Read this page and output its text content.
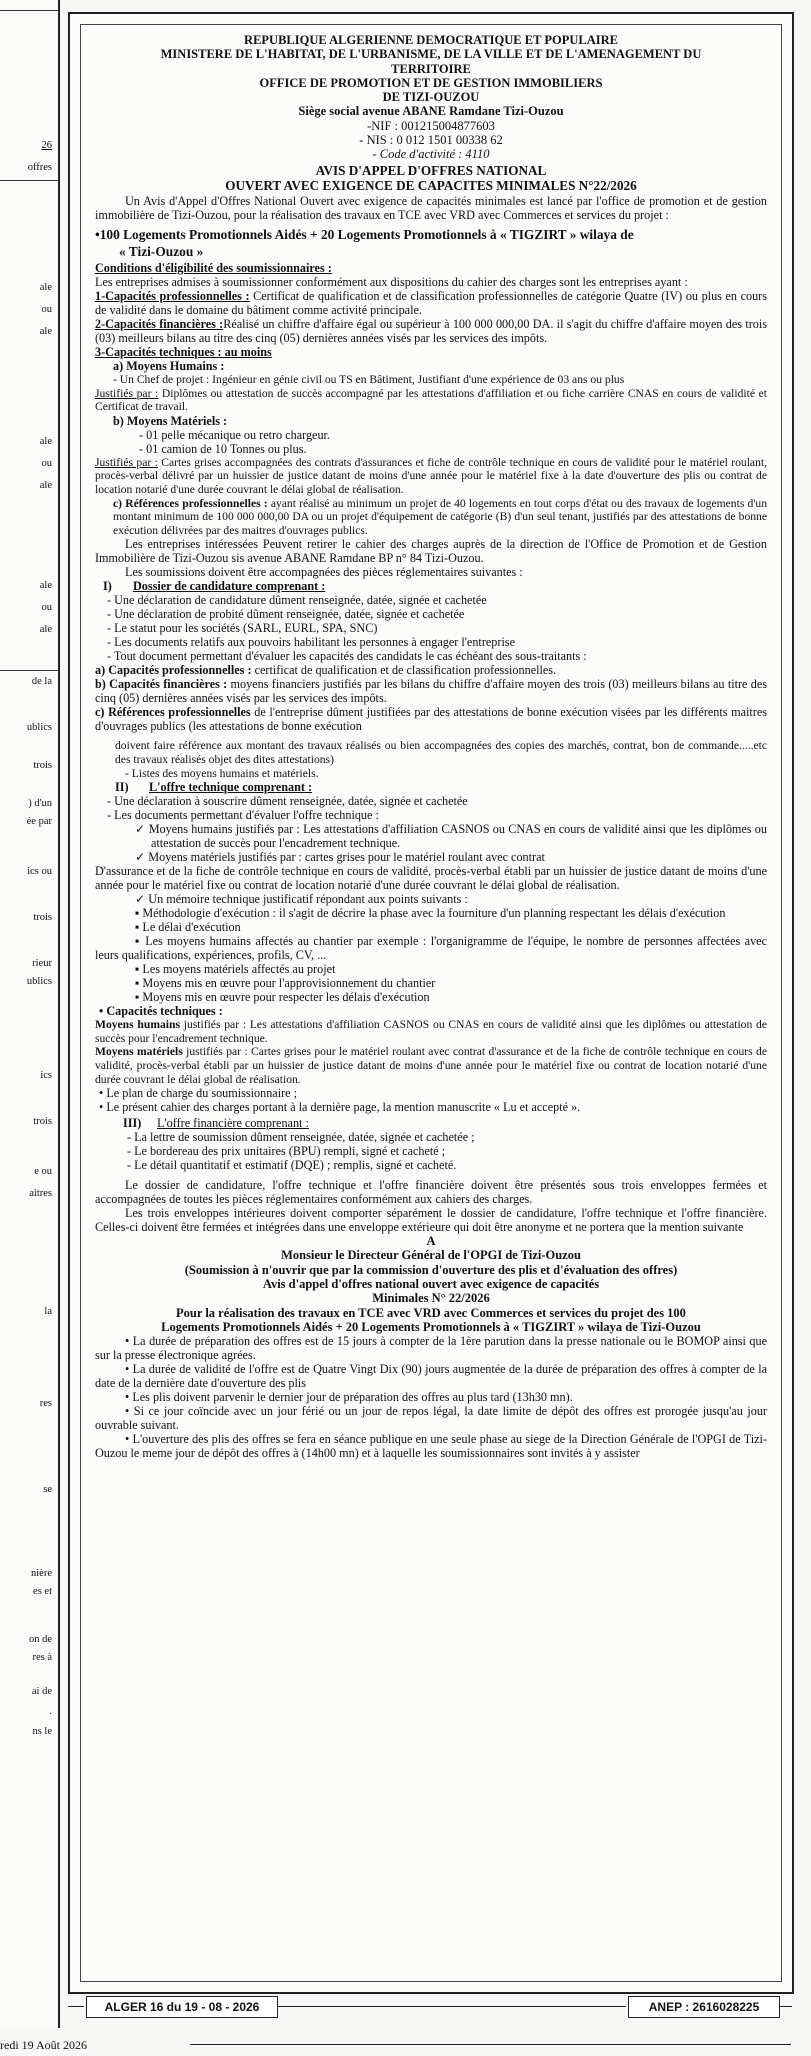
26
offres
ale
ou
ale
ale
ou
ale
ale
ou
ale
de la
ublics
trois
) d'un
ée par
ics ou
trois
rieur
ublics
ics
trois
e ou
aitres
la
res
se
nière
es et
on de
res à
ai de
.
ns le
REPUBLIQUE ALGERIENNE DEMOCRATIQUE ET POPULAIRE
MINISTERE DE L'HABITAT, DE L'URBANISME, DE LA VILLE ET DE L'AMENAGEMENT DU
TERRITOIRE
OFFICE DE PROMOTION ET DE GESTION IMMOBILIERS
DE TIZI-OUZOU
Siège social avenue ABANE Ramdane Tizi-Ouzou
-NIF : 001215004877603
- NIS : 0 012 1501 00338 62
- Code d'activité : 4110
AVIS D'APPEL D'OFFRES NATIONAL
OUVERT AVEC EXIGENCE DE CAPACITES MINIMALES N°22/2026

Un Avis d'Appel d'Offres National Ouvert avec exigence de capacités minimales est lancé par l'office de promotion et de gestion immobilière de Tizi-Ouzou, pour la réalisation des travaux en TCE avec VRD avec Commerces et services du projet :

•100 Logements Promotionnels Aidés + 20 Logements Promotionnels à « TIGZIRT » wilaya de
« Tizi-Ouzou »
Conditions d'éligibilité des soumissionnaires :

Les entreprises admises à soumissionner conformément aux dispositions du cahier des charges sont les entreprises ayant :

1-Capacités professionnelles : Certificat de qualification et de classification professionnelles de catégorie Quatre (IV) ou plus en cours de validité dans le domaine du bâtiment comme activité principale.

2-Capacités financières :Réalisé un chiffre d'affaire égal ou supérieur à 100 000 000,00 DA. il s'agit du chiffre d'affaire moyen des trois (03) meilleurs bilans au titre des cinq (05) dernières années visés par les services des impôts.

3-Capacités techniques : au moins
a) Moyens Humains :

- Un Chef de projet : Ingénieur en génie civil ou TS en Bâtiment, Justifiant d'une expérience de 03 ans ou plus

Justifiés par : Diplômes ou attestation de succès accompagné par les attestations d'affiliation et ou fiche carrière CNAS en cours de validité et Certificat de travail.

b) Moyens Matériels :
- 01 pelle mécanique ou retro chargeur.
- 01 camion de 10 Tonnes ou plus.

Justifiés par : Cartes grises accompagnées des contrats d'assurances et fiche de contrôle technique en cours de validité pour le matériel roulant, procès-verbal délivré par un huissier de justice datant de moins d'une année pour le matériel fixe à la date d'ouverture des plis ou contrat de location notarié d'une durée couvrant le délai global de réalisation.

c) Références professionnelles : ayant réalisé au minimum un projet de 40 logements en tout corps d'état ou des travaux de logements d'un montant minimum de 100 000 000,00 DA ou un projet d'équipement de catégorie (B) d'un seul tenant, justifiés par des attestations de bonne exécution délivrées par des maitres d'ouvrages publics.

Les entreprises intéressées Peuvent retirer le cahier des charges auprès de la direction de l'Office de Promotion et de Gestion Immobilière de Tizi-Ouzou sis avenue ABANE Ramdane BP n° 84 Tizi-Ouzou.

Les soumissions doivent être accompagnées des pièces réglementaires suivantes :

I) Dossier de candidature comprenant :
- Une déclaration de candidature dûment renseignée, datée, signée et cachetée
- Une déclaration de probité dûment renseignée, datée, signée et cachetée
- Le statut pour les sociétés (SARL, EURL, SPA, SNC)
- Les documents relatifs aux pouvoirs habilitant les personnes à engager l'entreprise
- Tout document permettant d'évaluer les capacités des candidats le cas échéant des sous-traitants :

a) Capacités professionnelles : certificat de qualification et de classification professionnelles.

b) Capacités financières : moyens financiers justifiés par les bilans du chiffre d'affaire moyen des trois (03) meilleurs bilans au titre des cinq (05) dernières années visés par les services des impôts.

c) Références professionnelles de l'entreprise dûment justifiées par des attestations de bonne exécution visées par les différents maitres d'ouvrages publics (les attestations de bonne exécution

doivent faire référence aux montant des travaux réalisés ou bien accompagnées des copies des marchés, contrat, bon de commande.....etc des travaux réalisés objet des dites attestations)

- Listes des moyens humains et matériels.
II) L'offre technique comprenant :
- Une déclaration à souscrire dûment renseignée, datée, signée et cachetée
- Les documents permettant d'évaluer l'offre technique :
✓ Moyens humains justifiés par : Les attestations d'affiliation CASNOS ou CNAS en cours de validité ainsi que les diplômes ou attestation de succès pour l'encadrement technique.
✓ Moyens matériels justifiés par : cartes grises pour le matériel roulant avec contrat

D'assurance et de la fiche de contrôle technique en cours de validité, procès-verbal établi par un huissier de justice datant de moins d'une année pour le matériel fixe ou contrat de location notarié d'une durée couvrant le délai global de réalisation.

✓ Un mémoire technique justificatif répondant aux points suivants :

▪ Méthodologie d'exécution : il s'agit de décrire la phase avec la fourniture d'un planning respectant les délais d'exécution

▪ Le délai d'exécution

▪ Les moyens humains affectés au chantier par exemple : l'organigramme de l'équipe, le nombre de personnes affectées avec leurs qualifications, expériences, profils, CV, ...

▪ Les moyens matériels affectés au projet
▪ Moyens mis en œuvre pour l'approvisionnement du chantier
▪ Moyens mis en œuvre pour respecter les délais d'exécution
• Capacités techniques :

Moyens humains justifiés par : Les attestations d'affiliation CASNOS ou CNAS en cours de validité ainsi que les diplômes ou attestation de succès pour l'encadrement technique.

Moyens matériels justifiés par : Cartes grises pour le matériel roulant avec contrat d'assurance et de la fiche de contrôle technique en cours de validité, procès-verbal établi par un huissier de justice datant de moins d'une année pour le matériel fixe ou contrat de location notarié d'une durée couvrant le délai global de réalisation.

• Le plan de charge du soumissionnaire ;
• Le présent cahier des charges portant à la dernière page, la mention manuscrite « Lu et accepté ».
III) L'offre financière comprenant :
- La lettre de soumission dûment renseignée, datée, signée et cachetée ;
- Le bordereau des prix unitaires (BPU) rempli, signé et cacheté ;
- Le détail quantitatif et estimatif (DQE) ; remplis, signé et cacheté.

Le dossier de candidature, l'offre technique et l'offre financière doivent être présentés sous trois enveloppes fermées et accompagnées de toutes les pièces réglementaires conformément aux cahiers des charges.

Les trois enveloppes intérieures doivent comporter séparément le dossier de candidature, l'offre technique et l'offre financière. Celles-ci doivent être fermées et intégrées dans une enveloppe extérieure qui doit être anonyme et ne portera que la mention suivante

A
Monsieur le Directeur Général de l'OPGI de Tizi-Ouzou
(Soumission à n'ouvrir que par la commission d'ouverture des plis et d'évaluation des offres)
Avis d'appel d'offres national ouvert avec exigence de capacités
Minimales N° 22/2026
Pour la réalisation des travaux en TCE avec VRD avec Commerces et services du projet des 100
Logements Promotionnels Aidés + 20 Logements Promotionnels à « TIGZIRT » wilaya de Tizi-Ouzou

• La durée de préparation des offres est de 15 jours à compter de la 1ère parution dans la presse nationale ou le BOMOP ainsi que sur la presse électronique agrées.

• La durée de validité de l'offre est de Quatre Vingt Dix (90) jours augmentée de la durée de préparation des offres à compter de la date de la dernière date d'ouverture des plis

• Les plis doivent parvenir le dernier jour de préparation des offres au plus tard (13h30 mn).

• Si ce jour coïncide avec un jour férié ou un jour de repos légal, la date limite de dépôt des offres est prorogée jusqu'au jour ouvrable suivant.

• L'ouverture des plis des offres se fera en séance publique en une seule phase au siege de la Direction Générale de l'OPGI de Tizi-Ouzou le meme jour de dépôt des offres à (14h00 mn) et à laquelle les soumissionnaires sont invités à y assister

ALGER 16 du 19 - 08 - 2026	ANEP : 2616028225
redi 19 Août 2026
